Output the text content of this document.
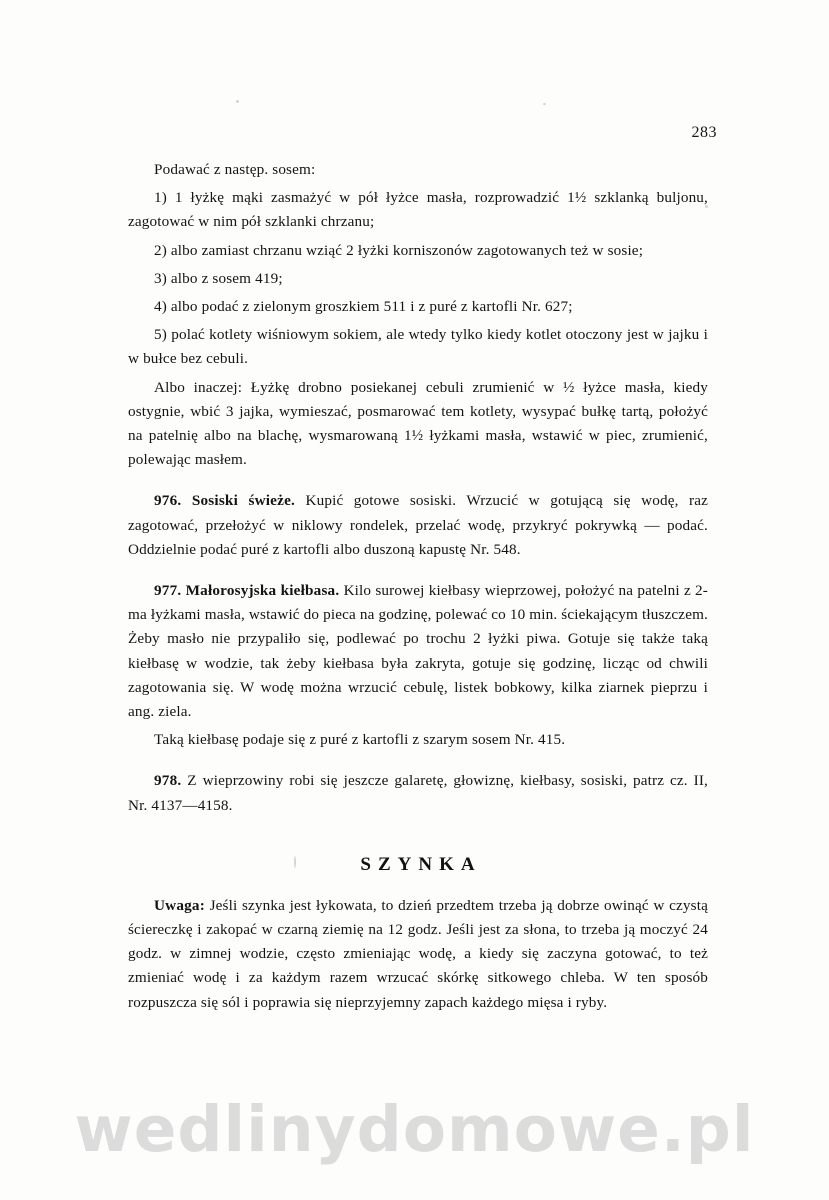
283

Podawać z nastęр. sosem:

1) 1 łyżkę mąki zasmażyć w pół łyżce masła, rozprowadzić 1½ szklanką buljonu, zagotować w nim pół szklanki chrzanu;

2) albo zamiast chrzanu wziąć 2 łyżki korniszonów zagotowanych też w sosie;

3) albo z sosem 419;

4) albo podać z zielonym groszkiem 511 i z puré z kartofli Nr. 627;

5) polać kotlety wiśniowym sokiem, ale wtedy tylko kiedy kotlet otoczony jest w jajku i w bułce bez cebuli.

Albo inaczej: Łyżkę drobno posiekanej cebuli zrumienić w ½ łyżce masła, kiedy ostygnie, wbić 3 jajka, wymieszać, posmarować tem kotlety, wysypać bułkę tartą, położyć na patelnię albo na blachę, wysmarowaną 1½ łyżkami masła, wstawić w piec, zrumienić, polewając masłem.

976. Sosiski świeże. Kupić gotowe sosiski. Wrzucić w gotującą się wodę, raz zagotować, przełożyć w niklowy rondelek, przelać wodę, przykryć pokrywką — podać. Oddzielnie podać puré z kartofli albo duszoną kapustę Nr. 548.

977. Małorosyjska kiełbasa. Kilo surowej kiełbasy wieprzowej, położyć na patelni z 2-ma łyżkami masła, wstawić do pieca na godzinę, polewać co 10 min. ściekającym tłuszczem. Żeby masło nie przypaliło się, podlewać po trochu 2 łyżki piwa. Gotuje się także taką kiełbasę w wodzie, tak żeby kiełbasa była zakryta, gotuje się godzinę, licząc od chwili zagotowania się. W wodę można wrzucić cebulę, listek bobkowy, kilka ziarnek pieprzu i ang. ziela.

Taką kiełbasę podaje się z puré z kartofli z szarym sosem Nr. 415.

978. Z wieprzowiny robi się jeszcze galaretę, głowiznę, kiełbasy, sosiski, patrz cz. II, Nr. 4137—4158.

SZYNKA

Uwaga: Jeśli szynka jest łykowata, to dzień przedtem trzeba ją dobrze owinąć w czystą ściereczkę i zakopać w czarną ziemię na 12 godz. Jeśli jest za słona, to trzeba ją moczyć 24 godz. w zimnej wodzie, często zmieniając wodę, a kiedy się zaczyna gotować, to też zmieniać wodę i za każdym razem wrzucać skórkę sitkowego chleba. W ten sposób rozpuszcza się sól i poprawia się nieprzyjemny zapach każdego mięsa i ryby.

wedlinydomowe.pl
